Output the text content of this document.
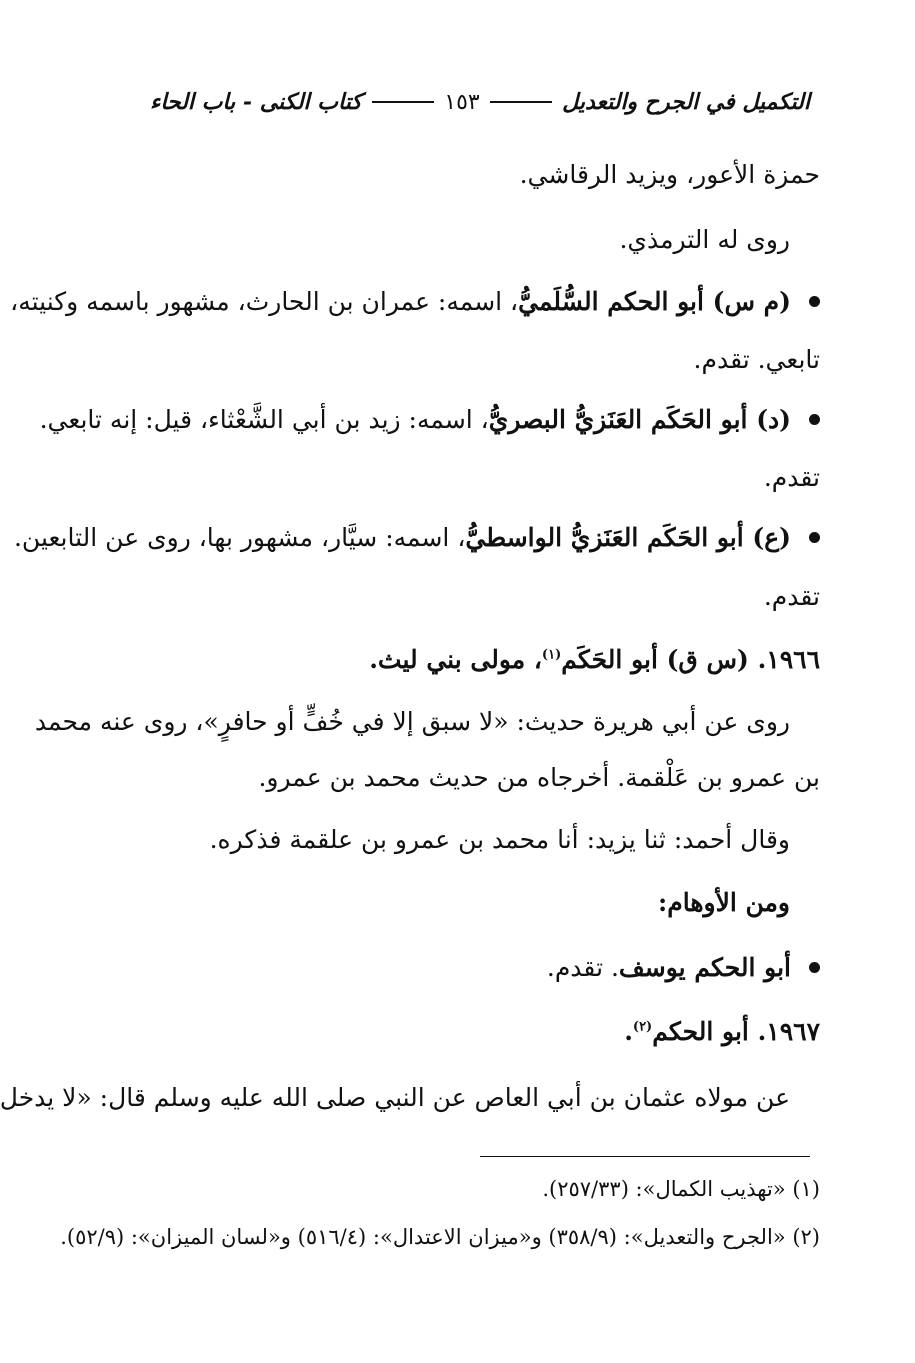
التكميل في الجرح والتعديل
١٥٣
كتاب الكنى - باب الحاء
حمزة الأعور، ويزيد الرقاشي.
روى له الترمذي.
(م س) أبو الحكم السُّلَميُّ، اسمه: عمران بن الحارث، مشهور باسمه وكنيته،
تابعي. تقدم.
(د) أبو الحَكَم العَنَزيُّ البصريُّ، اسمه: زيد بن أبي الشَّعْثاء، قيل: إنه تابعي.
تقدم.
(ع) أبو الحَكَم العَنَزيُّ الواسطيُّ، اسمه: سيَّار، مشهور بها، روى عن التابعين.
تقدم.
١٩٦٦. (س ق) أبو الحَكَم$^{(١)}$، مولى بني ليث.
روى عن أبي هريرة حديث: «لا سبق إلا في خُفٍّ أو حافرٍ»، روى عنه محمد
بن عمرو بن عَلْقمة. أخرجاه من حديث محمد بن عمرو.
وقال أحمد: ثنا يزيد: أنا محمد بن عمرو بن علقمة فذكره.
ومن الأوهام:
أبو الحكم يوسف. تقدم.
١٩٦٧. أبو الحكم$^{(٢)}$.
عن مولاه عثمان بن أبي العاص عن النبي صلى الله عليه وسلم قال: «لا يدخل
(١) «تهذيب الكمال»: (٢٥٧/٣٣).
(٢) «الجرح والتعديل»: (٣٥٨/٩) و«ميزان الاعتدال»: (٥١٦/٤) و«لسان الميزان»: (٥٢/٩).
